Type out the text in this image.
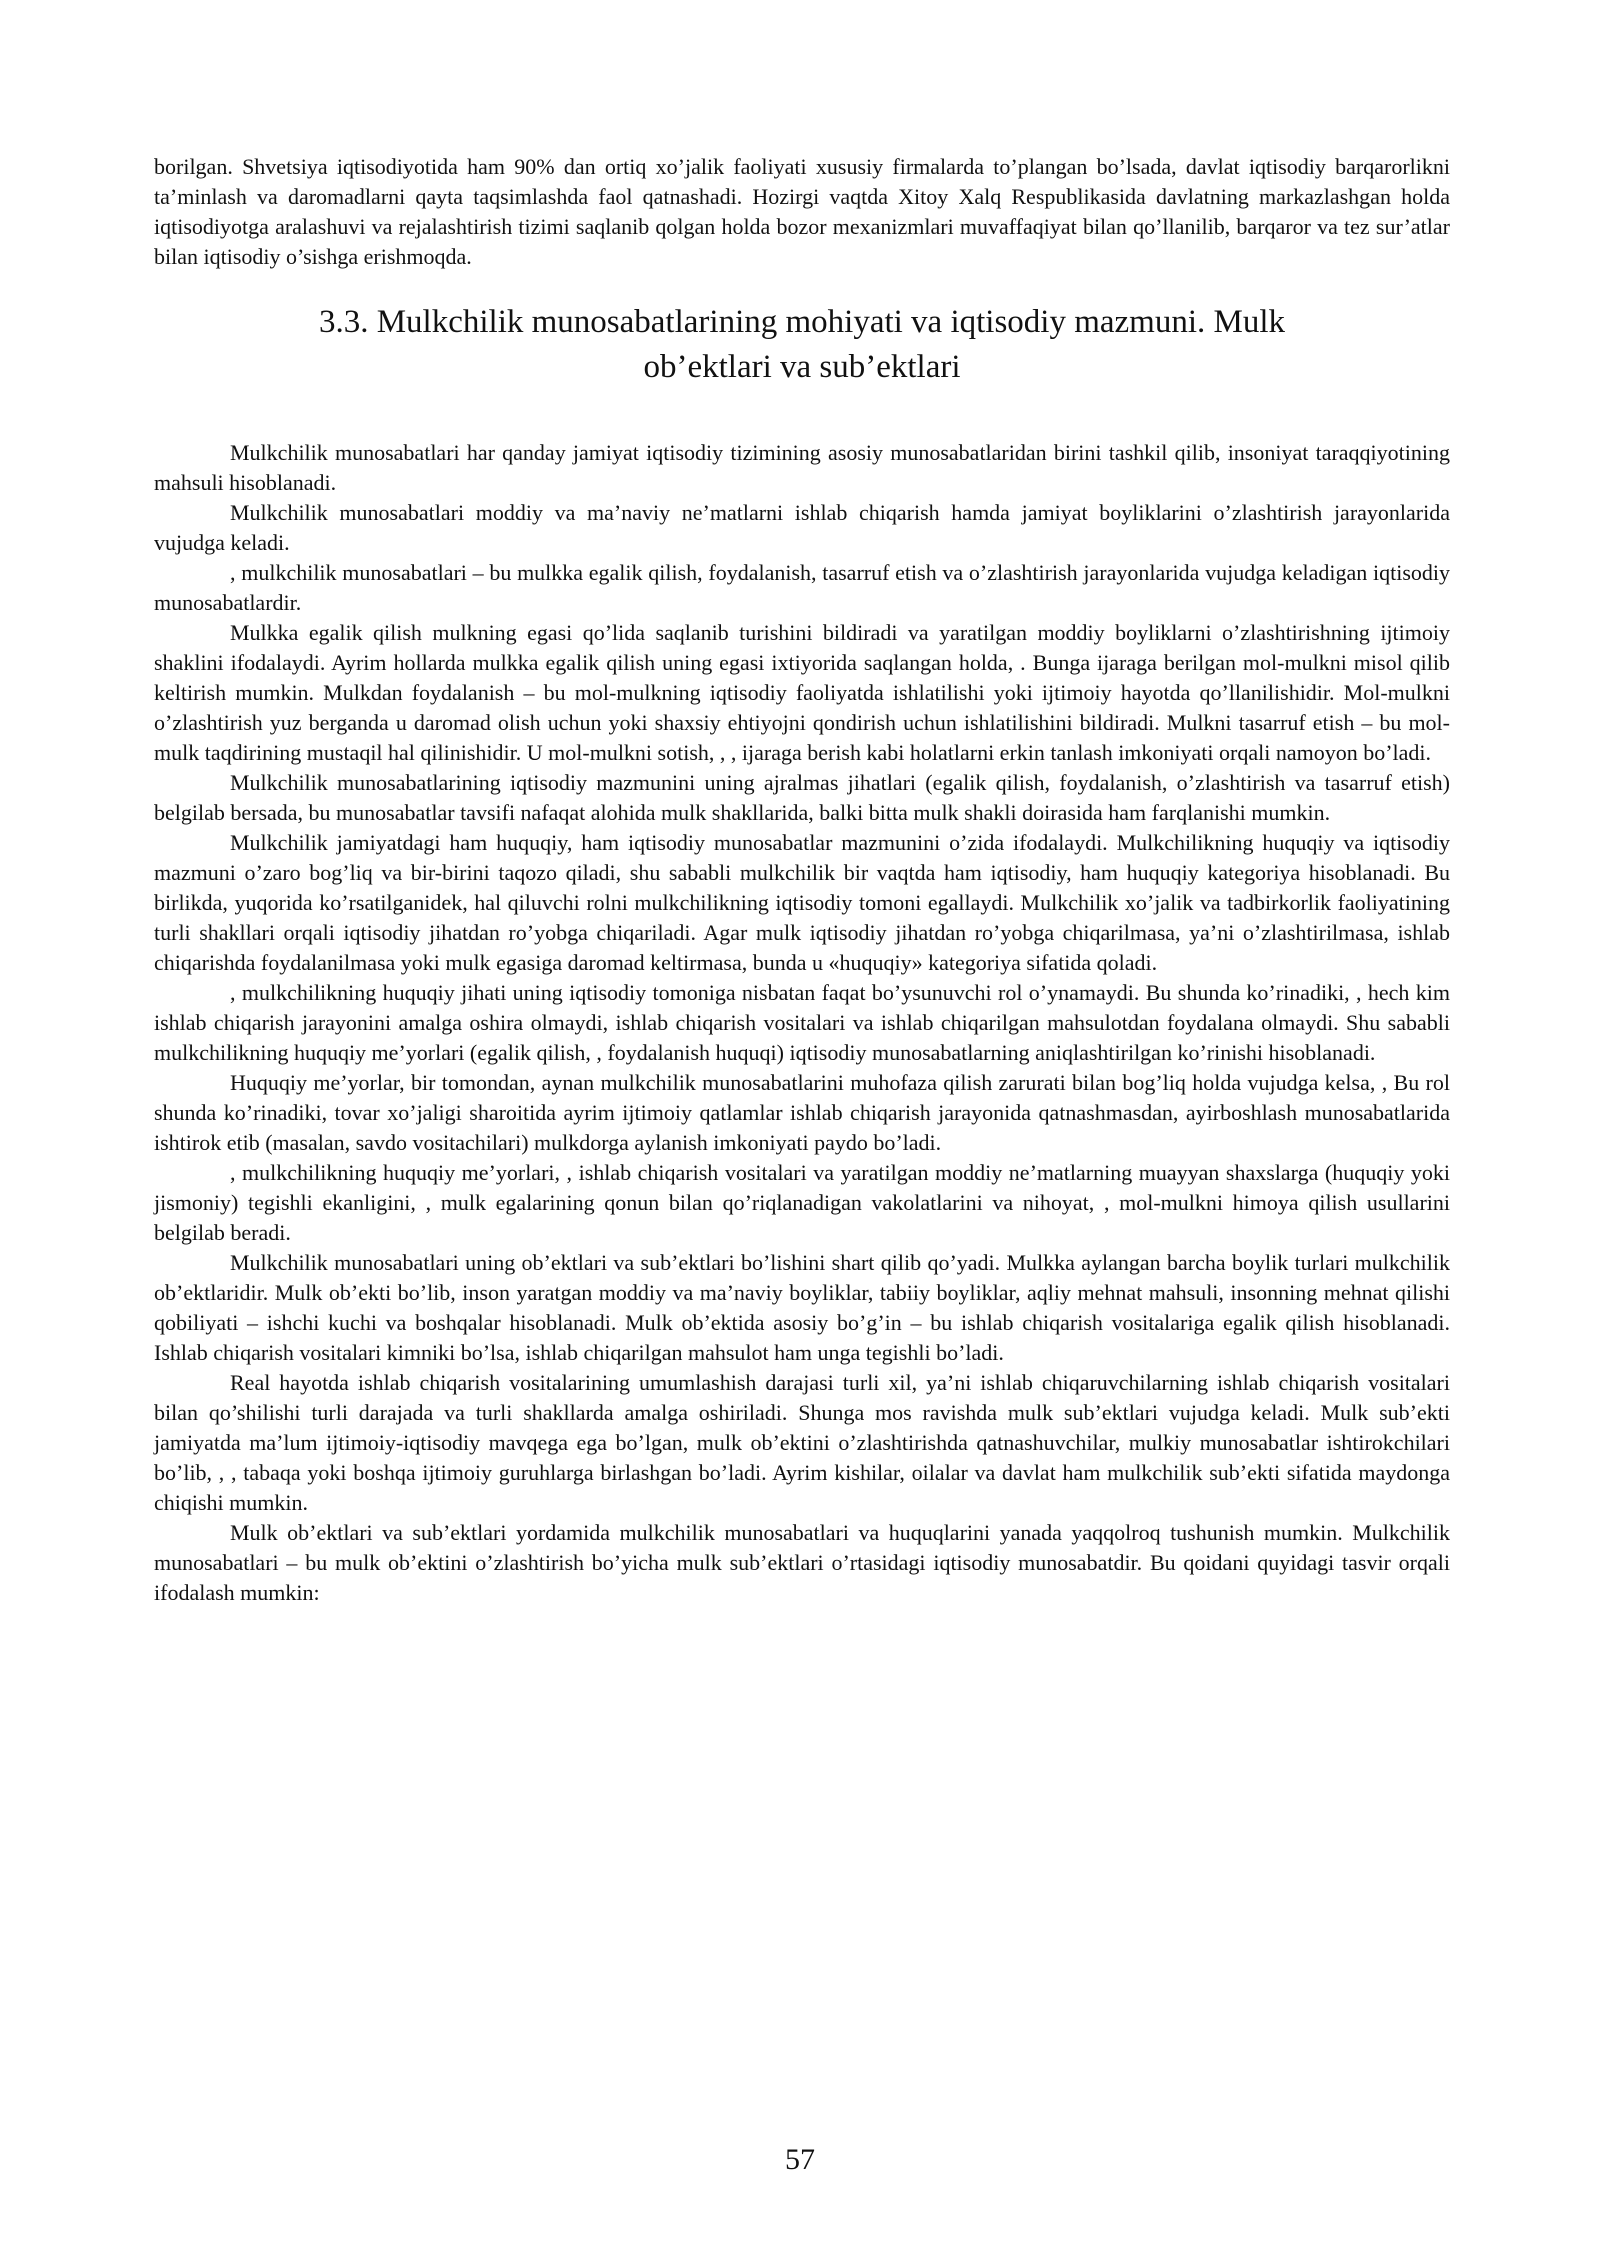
borilgan. Shvetsiya iqtisodiyotida ham 90% dan ortiq xo’jalik faoliyati xususiy firmalarda to’plangan bo’lsada, davlat iqtisodiy barqarorlikni ta’minlash va daromadlarni qayta taqsimlashda faol qatnashadi. Hozirgi vaqtda Xitoy Xalq Respublikasida davlatning markazlashgan holda iqtisodiyotga aralashuvi va rejalashtirish tizimi saqlanib qolgan holda bozor mexanizmlari muvaffaqiyat bilan qo’llanilib, barqaror va tez sur’atlar bilan iqtisodiy o’sishga erishmoqda.

3.3. Mulkchilik munosabatlarining mohiyati va iqtisodiy mazmuni. Mulk
ob’ektlari va sub’ektlari

Mulkchilik munosabatlari har qanday jamiyat iqtisodiy tizimining asosiy munosabatlaridan birini tashkil qilib, insoniyat taraqqiyotining mahsuli hisoblanadi.

Mulkchilik munosabatlari moddiy va ma’naviy ne’matlarni ishlab chiqarish hamda jamiyat boyliklarini o’zlashtirish jarayonlarida vujudga keladi.

, mulkchilik munosabatlari – bu mulkka egalik qilish, foydalanish, tasarruf etish va o’zlashtirish jarayonlarida vujudga keladigan iqtisodiy munosabatlardir.

Mulkka egalik qilish mulkning egasi qo’lida saqlanib turishini bildiradi va yaratilgan moddiy boyliklarni o’zlashtirishning ijtimoiy shaklini ifodalaydi. Ayrim hollarda mulkka egalik qilish uning egasi ixtiyorida saqlangan holda, . Bunga ijaraga berilgan mol-mulkni misol qilib keltirish mumkin. Mulkdan foydalanish – bu mol-mulkning iqtisodiy faoliyatda ishlatilishi yoki ijtimoiy hayotda qo’llanilishidir. Mol-mulkni o’zlashtirish yuz berganda u daromad olish uchun yoki shaxsiy ehtiyojni qondirish uchun ishlatilishini bildiradi. Mulkni tasarruf etish – bu mol-mulk taqdirining mustaqil hal qilinishidir. U mol-mulkni sotish, , , ijaraga berish kabi holatlarni erkin tanlash imkoniyati orqali namoyon bo’ladi.

Mulkchilik munosabatlarining iqtisodiy mazmunini uning ajralmas jihatlari (egalik qilish, foydalanish, o’zlashtirish va tasarruf etish) belgilab bersada, bu munosabatlar tavsifi nafaqat alohida mulk shakllarida, balki bitta mulk shakli doirasida ham farqlanishi mumkin.

Mulkchilik jamiyatdagi ham huquqiy, ham iqtisodiy munosabatlar mazmunini o’zida ifodalaydi. Mulkchilikning huquqiy va iqtisodiy mazmuni o’zaro bog’liq va bir-birini taqozo qiladi, shu sababli mulkchilik bir vaqtda ham iqtisodiy, ham huquqiy kategoriya hisoblanadi. Bu birlikda, yuqorida ko’rsatilganidek, hal qiluvchi rolni mulkchilikning iqtisodiy tomoni egallaydi. Mulkchilik xo’jalik va tadbirkorlik faoliyatining turli shakllari orqali iqtisodiy jihatdan ro’yobga chiqariladi. Agar mulk iqtisodiy jihatdan ro’yobga chiqarilmasa, ya’ni o’zlashtirilmasa, ishlab chiqarishda foydalanilmasa yoki mulk egasiga daromad keltirmasa, bunda u «huquqiy» kategoriya sifatida qoladi.

, mulkchilikning huquqiy jihati uning iqtisodiy tomoniga nisbatan faqat bo’ysunuvchi rol o’ynamaydi. Bu shunda ko’rinadiki, , hech kim ishlab chiqarish jarayonini amalga oshira olmaydi, ishlab chiqarish vositalari va ishlab chiqarilgan mahsulotdan foydalana olmaydi. Shu sababli mulkchilikning huquqiy me’yorlari (egalik qilish, , foydalanish huquqi) iqtisodiy munosabatlarning aniqlashtirilgan ko’rinishi hisoblanadi.

Huquqiy me’yorlar, bir tomondan, aynan mulkchilik munosabatlarini muhofaza qilish zarurati bilan bog’liq holda vujudga kelsa, , Bu rol shunda ko’rinadiki, tovar xo’jaligi sharoitida ayrim ijtimoiy qatlamlar ishlab chiqarish jarayonida qatnashmasdan, ayirboshlash munosabatlarida ishtirok etib (masalan, savdo vositachilari) mulkdorga aylanish imkoniyati paydo bo’ladi.

, mulkchilikning huquqiy me’yorlari, , ishlab chiqarish vositalari va yaratilgan moddiy ne’matlarning muayyan shaxslarga (huquqiy yoki jismoniy) tegishli ekanligini, , mulk egalarining qonun bilan qo’riqlanadigan vakolatlarini va nihoyat, , mol-mulkni himoya qilish usullarini belgilab beradi.

Mulkchilik munosabatlari uning ob’ektlari va sub’ektlari bo’lishini shart qilib qo’yadi. Mulkka aylangan barcha boylik turlari mulkchilik ob’ektlaridir. Mulk ob’ekti bo’lib, inson yaratgan moddiy va ma’naviy boyliklar, tabiiy boyliklar, aqliy mehnat mahsuli, insonning mehnat qilishi qobiliyati – ishchi kuchi va boshqalar hisoblanadi. Mulk ob’ektida asosiy bo’g’in – bu ishlab chiqarish vositalariga egalik qilish hisoblanadi. Ishlab chiqarish vositalari kimniki bo’lsa, ishlab chiqarilgan mahsulot ham unga tegishli bo’ladi.

Real hayotda ishlab chiqarish vositalarining umumlashish darajasi turli xil, ya’ni ishlab chiqaruvchilarning ishlab chiqarish vositalari bilan qo’shilishi turli darajada va turli shakllarda amalga oshiriladi. Shunga mos ravishda mulk sub’ektlari vujudga keladi. Mulk sub’ekti jamiyatda ma’lum ijtimoiy-iqtisodiy mavqega ega bo’lgan, mulk ob’ektini o’zlashtirishda qatnashuvchilar, mulkiy munosabatlar ishtirokchilari bo’lib, , , tabaqa yoki boshqa ijtimoiy guruhlarga birlashgan bo’ladi. Ayrim kishilar, oilalar va davlat ham mulkchilik sub’ekti sifatida maydonga chiqishi mumkin.

Mulk ob’ektlari va sub’ektlari yordamida mulkchilik munosabatlari va huquqlarini yanada yaqqolroq tushunish mumkin. Mulkchilik munosabatlari – bu mulk ob’ektini o’zlashtirish bo’yicha mulk sub’ektlari o’rtasidagi iqtisodiy munosabatdir. Bu qoidani quyidagi tasvir orqali ifodalash mumkin:

57
